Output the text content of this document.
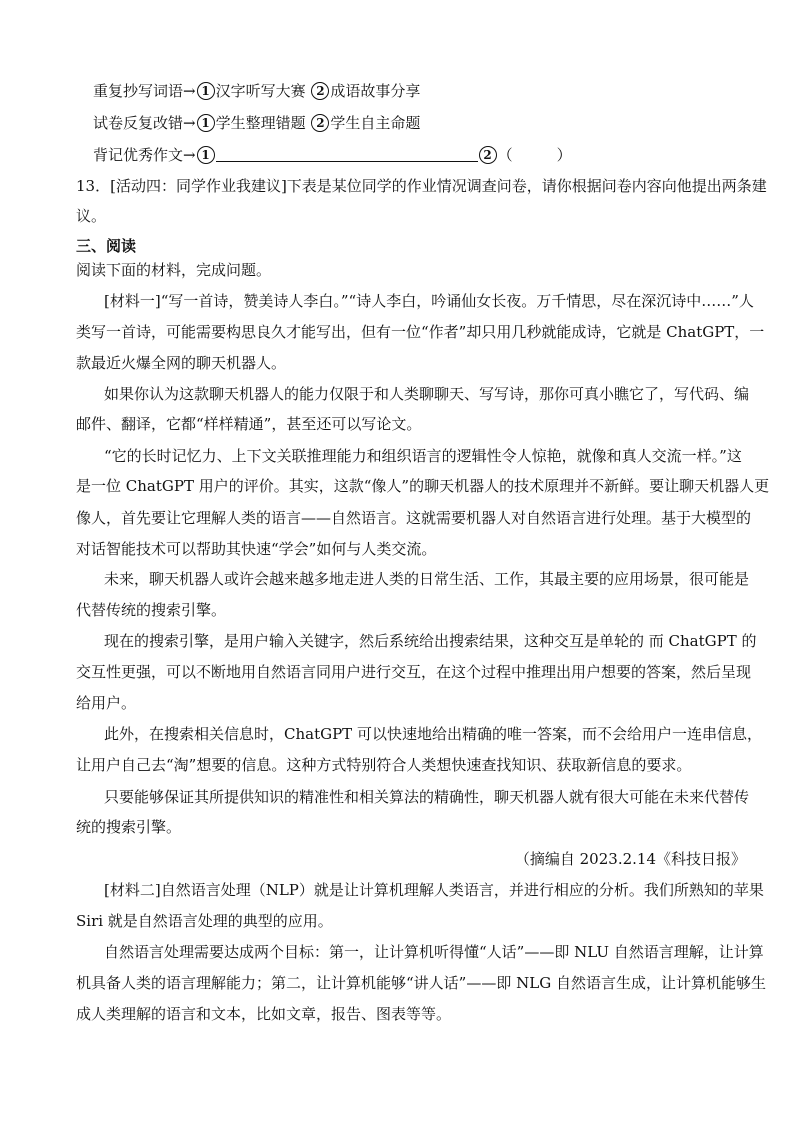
重复抄写词语→ 1 汉字听写大赛 2 成语故事分享
试卷反复改错→ 1 学生整理错题 2 学生自主命题
背记优秀作文→ 1	2 （	）
13．[活动四：同学作业我建议]下表是某位同学的作业情况调查问卷，请你根据问卷内容向他提出两条建
议。
三、阅读
阅读下面的材料，完成问题。
[材料一]“写一首诗，赞美诗人李白。”“诗人李白，吟诵仙女长夜。万千情思，尽在深沉诗中……”人
类写一首诗，可能需要构思良久才能写出，但有一位“作者”却只用几秒就能成诗，它就是 ChatGPT，一
款最近火爆全网的聊天机器人。
如果你认为这款聊天机器人的能力仅限于和人类聊聊天、写写诗，那你可真小瞧它了，写代码、编
邮件、翻译，它都“样样精通”，甚至还可以写论文。
“它的长时记忆力、上下文关联推理能力和组织语言的逻辑性令人惊艳，就像和真人交流一样。”这
是一位 ChatGPT 用户的评价。其实，这款“像人”的聊天机器人的技术原理并不新鲜。要让聊天机器人更
像人，首先要让它理解人类的语言——自然语言。这就需要机器人对自然语言进行处理。基于大模型的
对话智能技术可以帮助其快速“学会”如何与人类交流。
未来，聊天机器人或许会越来越多地走进人类的日常生活、工作，其最主要的应用场景，很可能是
代替传统的搜索引擎。
现在的搜索引擎，是用户输入关键字，然后系统给出搜索结果，这种交互是单轮的 而 ChatGPT 的
交互性更强，可以不断地用自然语言同用户进行交互，在这个过程中推理出用户想要的答案，然后呈现
给用户。
此外，在搜索相关信息时，ChatGPT 可以快速地给出精确的唯一答案，而不会给用户一连串信息，
让用户自己去“淘”想要的信息。这种方式特别符合人类想快速查找知识、获取新信息的要求。
只要能够保证其所提供知识的精准性和相关算法的精确性，聊天机器人就有很大可能在未来代替传
统的搜索引擎。
（摘编自 2023.2.14《科技日报》
[材料二]自然语言处理（NLP）就是让计算机理解人类语言，并进行相应的分析。我们所熟知的苹果
Siri 就是自然语言处理的典型的应用。
自然语言处理需要达成两个目标：第一，让计算机听得懂“人话”——即 NLU 自然语言理解，让计算
机具备人类的语言理解能力；第二，让计算机能够“讲人话”——即 NLG 自然语言生成，让计算机能够生
成人类理解的语言和文本，比如文章，报告、图表等等。
